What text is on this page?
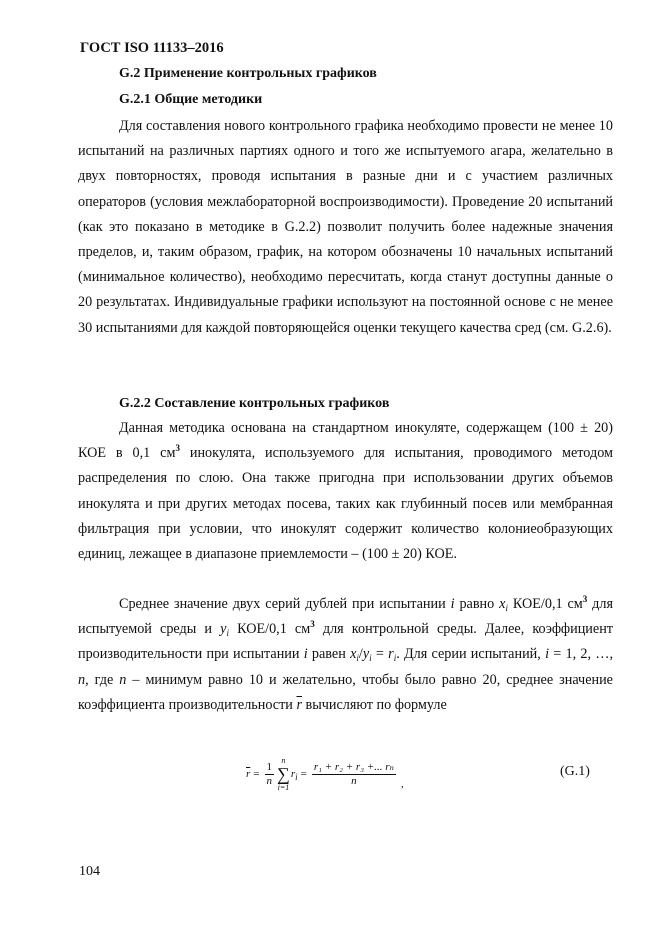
ГОСТ ISO 11133–2016
G.2 Применение контрольных графиков
G.2.1 Общие методики
Для составления нового контрольного графика необходимо провести не менее 10 испытаний на различных партиях одного и того же испытуемого агара, желательно в двух повторностях, проводя испытания в разные дни и с участием различных операторов (условия межлабораторной воспроизводимости). Проведение 20 испытаний (как это показано в методике в G.2.2) позволит получить более надежные значения пределов, и, таким образом, график, на котором обозначены 10 начальных испытаний (минимальное количество), необходимо пересчитать, когда станут доступны данные о 20 результатах. Индивидуальные графики используют на постоянной основе с не менее 30 испытаниями для каждой повторяющейся оценки текущего качества сред (см. G.2.6).
G.2.2 Составление контрольных графиков
Данная методика основана на стандартном инокуляте, содержащем (100 ± 20) КОЕ в 0,1 $см^3$ инокулята, используемого для испытания, проводимого методом распределения по слою. Она также пригодна при использовании других объемов инокулята и при других методах посева, таких как глубинный посев или мембранная фильтрация при условии, что инокулят содержит количество колониеобразующих единиц, лежащее в диапазоне приемлемости – (100 ± 20) КОЕ.
Среднее значение двух серий дублей при испытании i равно $x_i$ КОЕ/0,1 $см^3$ для испытуемой среды и $y_i$ КОЕ/0,1 $см^3$ для контрольной среды. Далее, коэффициент производительности при испытании i равен $x_i/y_i = r_i$. Для серии испытаний, i = 1, 2, …, n, где n – минимум равно 10 и желательно, чтобы было равно 20, среднее значение коэффициента производительности $\overline{r}$ вычисляют по формуле
$\overline{r} = \frac{1}{n}$ n
∑
i=1
$r_i = \frac{\text{r₁ + r₂ + r₃ +... rₙ}}{n}$ ,
(G.1)
104
